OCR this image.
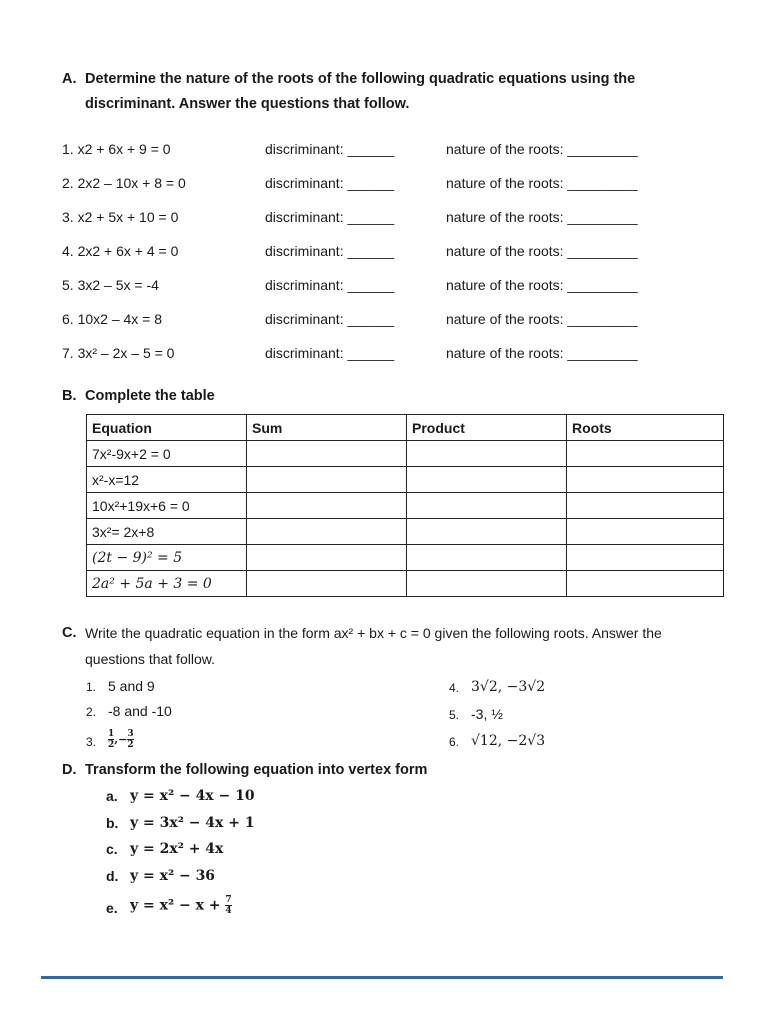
A. Determine the nature of the roots of the following quadratic equations using the
discriminant. Answer the questions that follow.
1. x2 + 6x + 9 = 0	discriminant: ______	nature of the roots: _________
2. 2x2 – 10x + 8 = 0	discriminant: ______	nature of the roots: _________
3. x2 + 5x + 10 = 0	discriminant: ______	nature of the roots: _________
4. 2x2 + 6x + 4 = 0	discriminant: ______	nature of the roots: _________
5. 3x2 – 5x = -4	discriminant: ______	nature of the roots: _________
6. 10x2 – 4x = 8	discriminant: ______	nature of the roots: _________
7. 3x² – 2x – 5 = 0	discriminant: ______	nature of the roots: _________
B. Complete the table
Equation	Sum	Product	Roots
7x²-9x+2 = 0			
x²-x=12			
10x²+19x+6 = 0			
3x²= 2x+8			
(2t − 9)² = 5			
2a² + 5a + 3 = 0			
C. Write the quadratic equation in the form ax² + bx + c = 0 given the following roots. Answer the
questions that follow.
1. 5 and 9
2. -8 and -10
3. $\frac{1}{2}$ ,− $\frac{3}{2}$
4. 3√2, −3√2
5. -3, ½
6. √12, −2√3
D. Transform the following equation into vertex form
a. y = x² − 4x − 10
b. y = 3x² − 4x + 1
c. y = 2x² + 4x
d. y = x² − 36
e. $y = x^2 - x + \frac{7}{4}$
